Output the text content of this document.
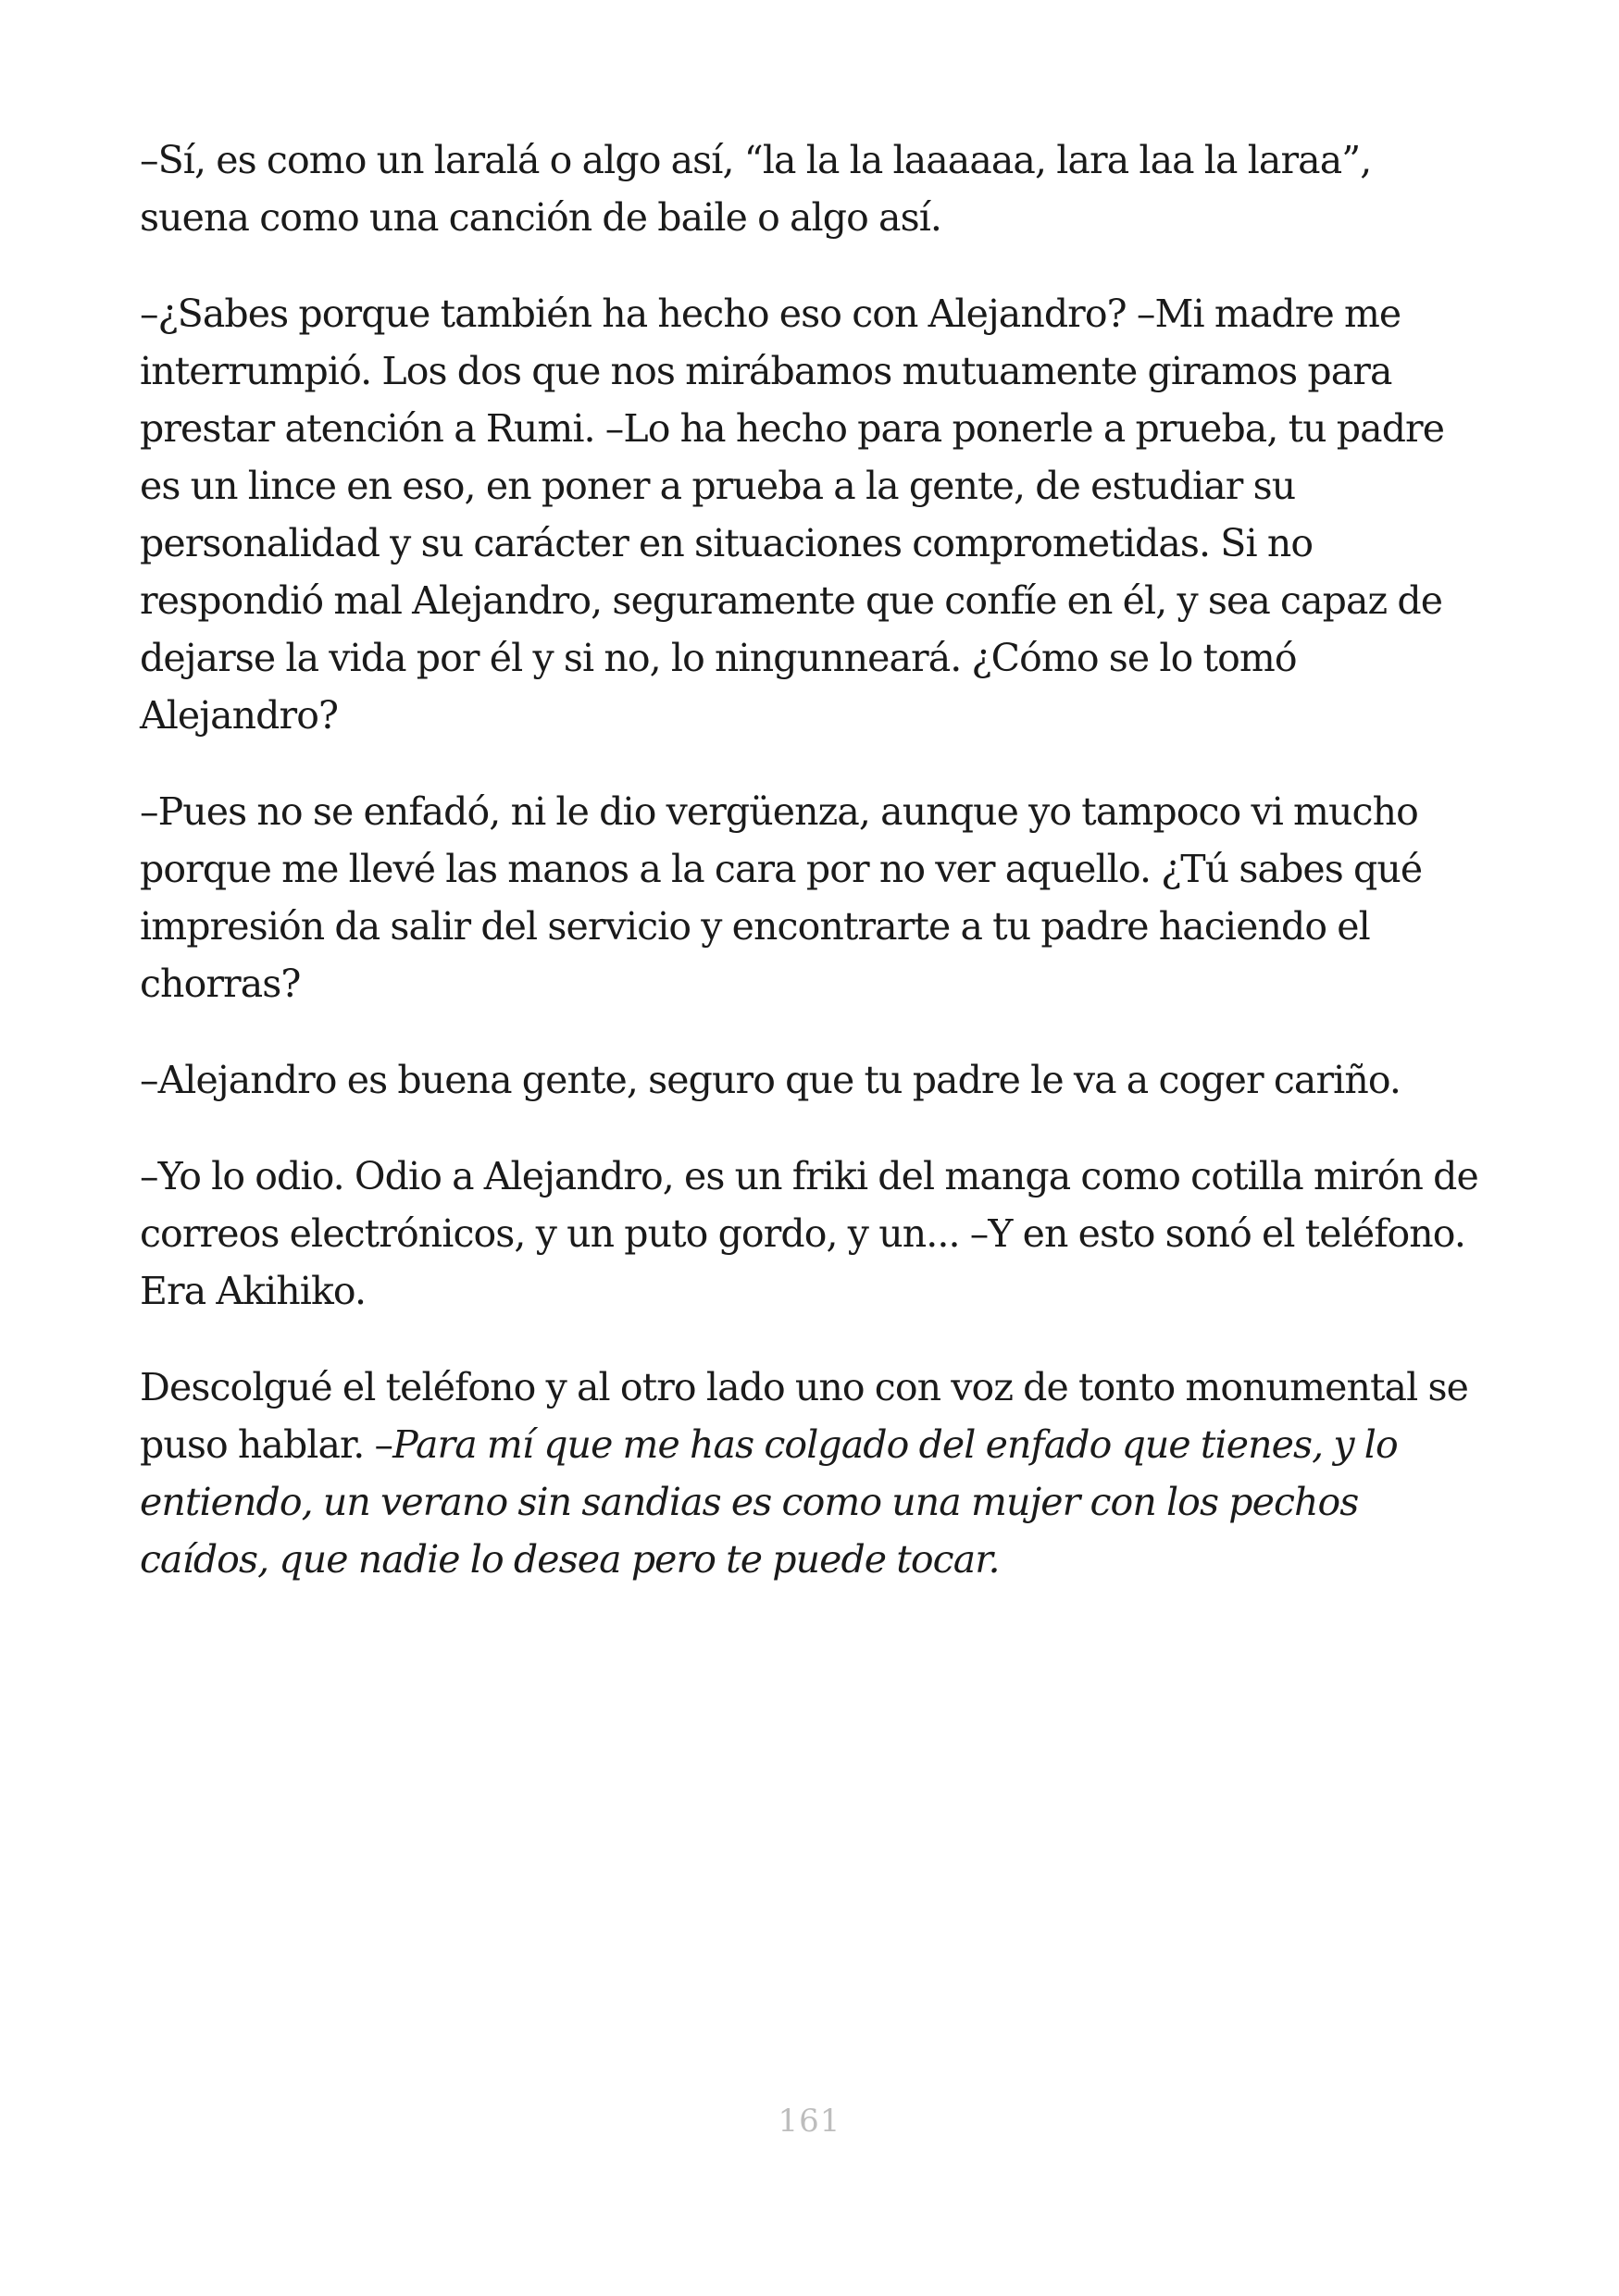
–Sí, es como un laralá o algo así, “la la la laaaaaa, lara laa la laraa”, suena como una canción de baile o algo así.

–¿Sabes porque también ha hecho eso con Alejandro? –Mi madre me interrumpió. Los dos que nos mirábamos mutuamente giramos para prestar atención a Rumi. –Lo ha hecho para ponerle a prueba, tu padre es un lince en eso, en poner a prueba a la gente, de estudiar su personalidad y su carácter en situaciones comprometidas. Si no respondió mal Alejandro, seguramente que confíe en él, y sea capaz de dejarse la vida por él y si no, lo ningunneará. ¿Cómo se lo tomó Alejandro?

–Pues no se enfadó, ni le dio vergüenza, aunque yo tampoco vi mucho porque me llevé las manos a la cara por no ver aquello. ¿Tú sabes qué impresión da salir del servicio y encontrarte a tu padre haciendo el chorras?

–Alejandro es buena gente, seguro que tu padre le va a coger cariño.

–Yo lo odio. Odio a Alejandro, es un friki del manga como cotilla mirón de correos electrónicos, y un puto gordo, y un... –Y en esto sonó el teléfono. Era Akihiko.

Descolgué el teléfono y al otro lado uno con voz de tonto monumental se puso hablar. –Para mí que me has colgado del enfado que tienes, y lo entiendo, un verano sin sandias es como una mujer con los pechos caídos, que nadie lo desea pero te puede tocar.

161
